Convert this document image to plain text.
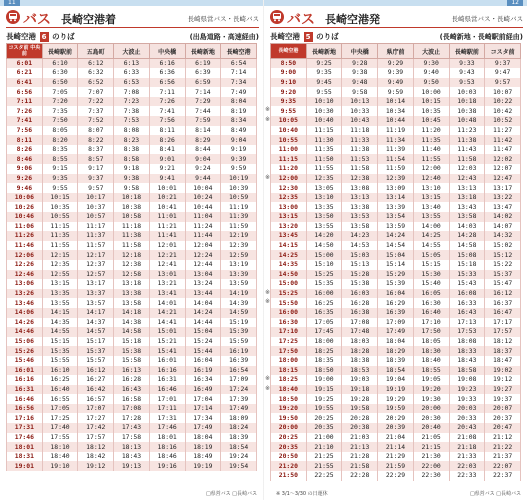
11
バス 長崎空港着	長崎県営バス・長崎バス
長崎空港 6 のりば	(出島道路・高速経由)
コスタ前 中央前	長崎駅前	五島町	大波止	中央橋	長崎新地	長崎空港
6:01	6:10	6:12	6:13	6:16	6:19	6:54
6:21	6:30	6:32	6:33	6:36	6:39	7:14
6:41	6:50	6:52	6:53	6:56	6:59	7:34
6:56	7:05	7:07	7:08	7:11	7:14	7:49
7:11	7:20	7:22	7:23	7:26	7:29	8:04
7:26	7:35	7:37	7:38	7:41	7:44	8:19
7:41	7:50	7:52	7:53	7:56	7:59	8:34
7:56	8:05	8:07	8:08	8:11	8:14	8:49
8:11	8:20	8:22	8:23	8:26	8:29	9:04
8:26	8:35	8:37	8:38	8:41	8:44	9:19
8:46	8:55	8:57	8:58	9:01	9:04	9:39
9:06	9:15	9:17	9:18	9:21	9:24	9:59
9:26	9:35	9:37	9:38	9:41	9:44	10:19
9:46	9:55	9:57	9:58	10:01	10:04	10:39
10:06	10:15	10:17	10:18	10:21	10:24	10:59
10:26	10:35	10:37	10:38	10:41	10:44	11:19
10:46	10:55	10:57	10:58	11:01	11:04	11:39
11:06	11:15	11:17	11:18	11:21	11:24	11:59
11:26	11:35	11:37	11:38	11:41	11:44	12:19
11:46	11:55	11:57	11:58	12:01	12:04	12:39
12:06	12:15	12:17	12:18	12:21	12:24	12:59
12:26	12:35	12:37	12:38	12:41	12:44	13:19
12:46	12:55	12:57	12:58	13:01	13:04	13:39
13:06	13:15	13:17	13:18	13:21	13:24	13:59
13:26	13:35	13:37	13:38	13:41	13:44	14:19
13:46	13:55	13:57	13:58	14:01	14:04	14:39
14:06	14:15	14:17	14:18	14:21	14:24	14:59
14:26	14:35	14:37	14:38	14:41	14:44	15:19
14:46	14:55	14:57	14:58	15:01	15:04	15:39
15:06	15:15	15:17	15:18	15:21	15:24	15:59
15:26	15:35	15:37	15:38	15:41	15:44	16:19
15:46	15:55	15:57	15:58	16:01	16:04	16:39
16:01	16:10	16:12	16:13	16:16	16:19	16:54
16:16	16:25	16:27	16:28	16:31	16:34	17:09
16:31	16:40	16:42	16:43	16:46	16:49	17:24
16:46	16:55	16:57	16:58	17:01	17:04	17:39
16:56	17:05	17:07	17:08	17:11	17:14	17:49
17:16	17:25	17:27	17:28	17:31	17:34	18:09
17:31	17:40	17:42	17:43	17:46	17:49	18:24
17:46	17:55	17:57	17:58	18:01	18:04	18:39
18:01	18:10	18:12	18:13	18:16	18:19	18:54
18:31	18:40	18:42	18:43	18:46	18:49	19:24
19:01	19:10	19:12	19:13	19:16	19:19	19:54
□県営バス □長崎バス
12
バス 長崎空港発	長崎県営バス・長崎バス
長崎空港 5 のりば	(長崎新地・長崎駅前経由)
長崎空港	長崎新地	中央橋	県庁前	大波止	長崎駅前	コスタ前
8:50	9:25	9:28	9:29	9:30	9:33	9:37
9:00	9:35	9:38	9:39	9:40	9:43	9:47
9:10	9:45	9:48	9:49	9:50	9:53	9:57
9:20	9:55	9:58	9:59	10:00	10:03	10:07
9:35	10:10	10:13	10:14	10:15	10:18	10:22
9:55	10:30	10:33	10:34	10:35	10:38	10:42
10:05	10:40	10:43	10:44	10:45	10:48	10:52
10:40	11:15	11:18	11:19	11:20	11:23	11:27
10:55	11:30	11:33	11:34	11:35	11:38	11:42
11:00	11:35	11:38	11:39	11:40	11:43	11:47
11:15	11:50	11:53	11:54	11:55	11:58	12:02
11:20	11:55	11:58	11:59	12:00	12:03	12:07
12:00	12:35	12:38	12:39	12:40	12:43	12:47
12:30	13:05	13:08	13:09	13:10	13:13	13:17
12:35	13:10	13:13	13:14	13:15	13:18	13:22
13:00	13:35	13:38	13:39	13:40	13:43	13:47
13:15	13:50	13:53	13:54	13:55	13:58	14:02
13:20	13:55	13:58	13:59	14:00	14:03	14:07
13:45	14:20	14:23	14:24	14:25	14:28	14:32
14:15	14:50	14:53	14:54	14:55	14:58	15:02
14:25	15:00	15:03	15:04	15:05	15:08	15:12
14:35	15:10	15:13	15:14	15:15	15:18	15:22
14:50	15:25	15:28	15:29	15:30	15:33	15:37
15:00	15:35	15:38	15:39	15:40	15:43	15:47
15:25	16:00	16:03	16:04	16:05	16:08	16:12
15:50	16:25	16:28	16:29	16:30	16:33	16:37
16:00	16:35	16:38	16:39	16:40	16:43	16:47
16:30	17:05	17:08	17:09	17:10	17:13	17:17
17:10	17:45	17:48	17:49	17:50	17:53	17:57
17:25	18:00	18:03	18:04	18:05	18:08	18:12
17:50	18:25	18:28	18:29	18:30	18:33	18:37
18:00	18:35	18:38	18:39	18:40	18:43	18:47
18:15	18:50	18:53	18:54	18:55	18:58	19:02
18:25	19:00	19:03	19:04	19:05	19:08	19:12
18:40	19:15	19:18	19:19	19:20	19:23	19:27
18:50	19:25	19:28	19:29	19:30	19:33	19:37
19:20	19:55	19:58	19:59	20:00	20:03	20:07
19:50	20:25	20:28	20:29	20:30	20:33	20:37
20:00	20:35	20:38	20:39	20:40	20:43	20:47
20:25	21:00	21:03	21:04	21:05	21:08	21:12
20:35	21:10	21:13	21:14	21:15	21:18	21:22
20:50	21:25	21:28	21:29	21:30	21:33	21:37
21:20	21:55	21:58	21:59	22:00	22:03	22:07
21:50	22:25	22:28	22:29	22:30	22:33	22:37
※
※
※
※
※
※
※
※ 3/1～3/30 の日運休	□県営バス □長崎バス
